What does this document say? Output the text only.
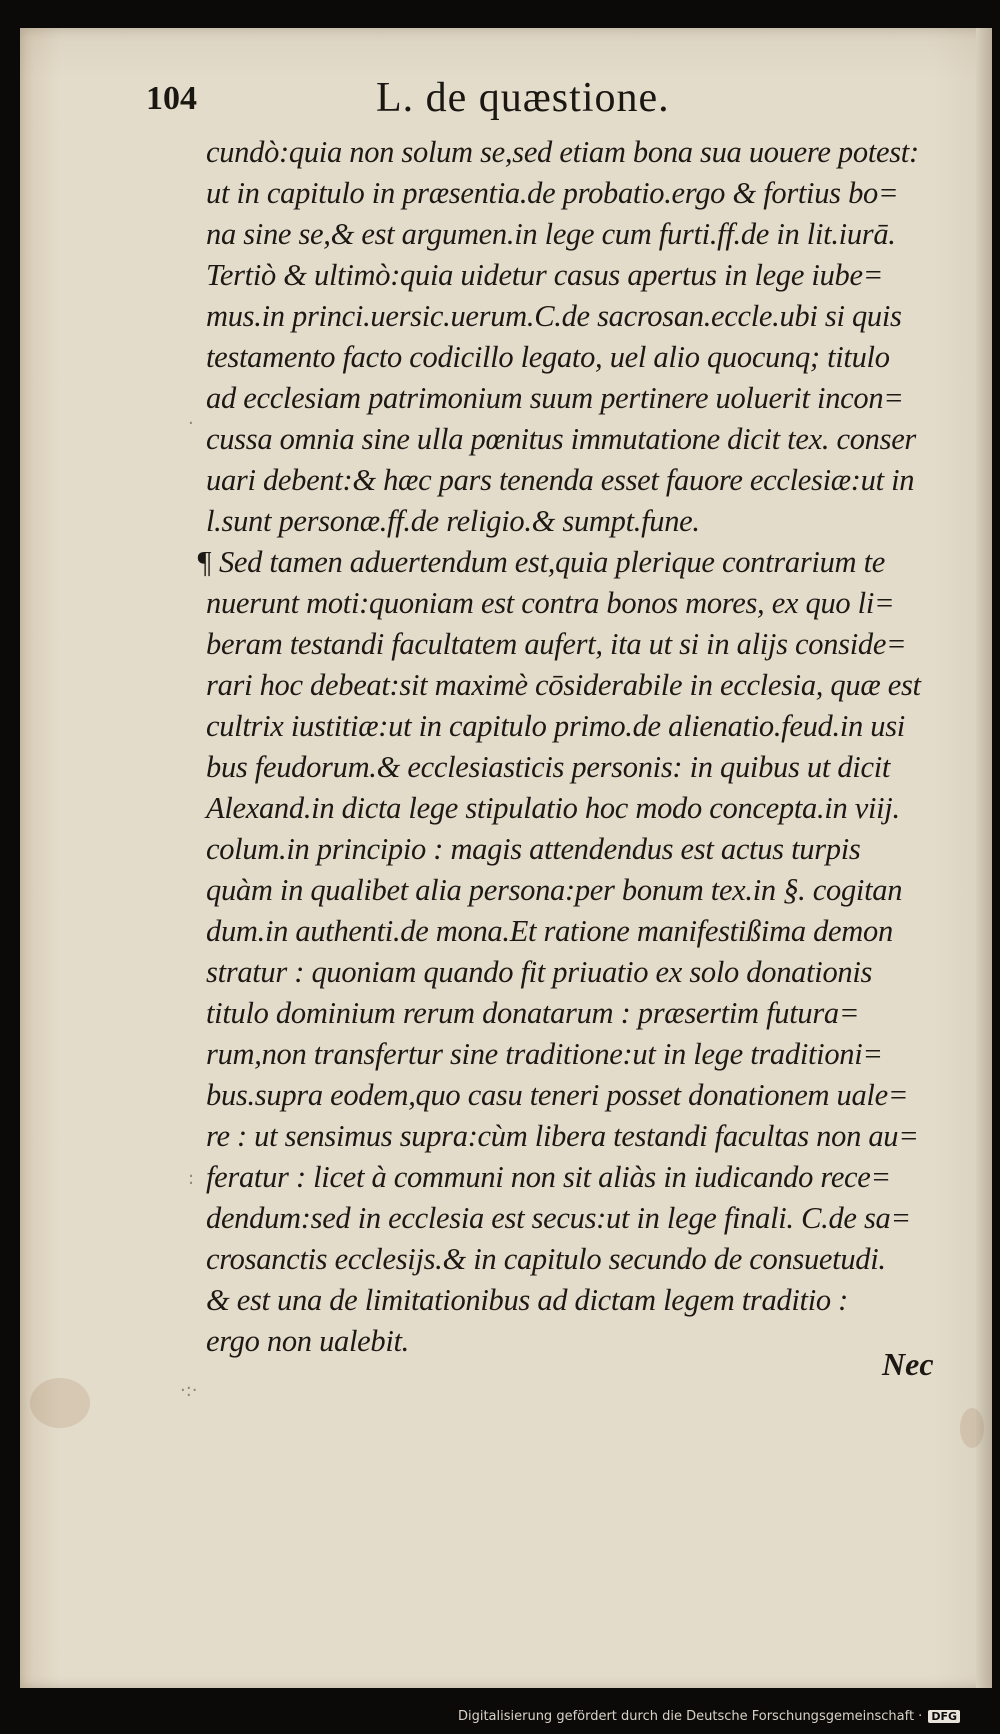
.
:
·:·
104	L. de quæstione.
cundò:quia non solum se,sed etiam bona sua uouere potest:
ut in capitulo in præsentia.de probatio.ergo & fortius bo=
na sine se,& est argumen.in lege cum furti.ff.de in lit.iurā.
Tertiò & ultimò:quia uidetur casus apertus in lege iube=
mus.in princi.uersic.uerum.C.de sacrosan.eccle.ubi si quis
testamento facto codicillo legato, uel alio quocunq; titulo
ad ecclesiam patrimonium suum pertinere uoluerit incon=
cussa omnia sine ulla pœnitus immutatione dicit tex. conser
uari debent:& hæc pars tenenda esset fauore ecclesiæ:ut in
l.sunt personæ.ff.de religio.& sumpt.fune.
¶ Sed tamen aduertendum est,quia plerique contrarium te
nuerunt moti:quoniam est contra bonos mores, ex quo li=
beram testandi facultatem aufert, ita ut si in alijs conside=
rari hoc debeat:sit maximè cōsiderabile in ecclesia, quæ est
cultrix iustitiæ:ut in capitulo primo.de alienatio.feud.in usi
bus feudorum.& ecclesiasticis personis: in quibus ut dicit
Alexand.in dicta lege stipulatio hoc modo concepta.in viij.
colum.in principio : magis attendendus est actus turpis
quàm in qualibet alia persona:per bonum tex.in §. cogitan
dum.in authenti.de mona.Et ratione manifestißima demon
stratur : quoniam quando fit priuatio ex solo donationis
titulo dominium rerum donatarum : præsertim futura=
rum,non transfertur sine traditione:ut in lege traditioni=
bus.supra eodem,quo casu teneri posset donationem ualе=
re : ut sensimus supra:cùm libera testandi facultas non au=
feratur : licet à communi non sit aliàs in iudicando rece=
dendum:sed in ecclesia est secus:ut in lege finali. C.de sa=
crosanctis ecclesijs.& in capitulo secundo de consuetudi.
& est una de limitationibus ad dictam legem traditio :
ergo non ualebit.
Nec
Digitalisierung gefördert durch die Deutsche Forschungsgemeinschaft · DFG
